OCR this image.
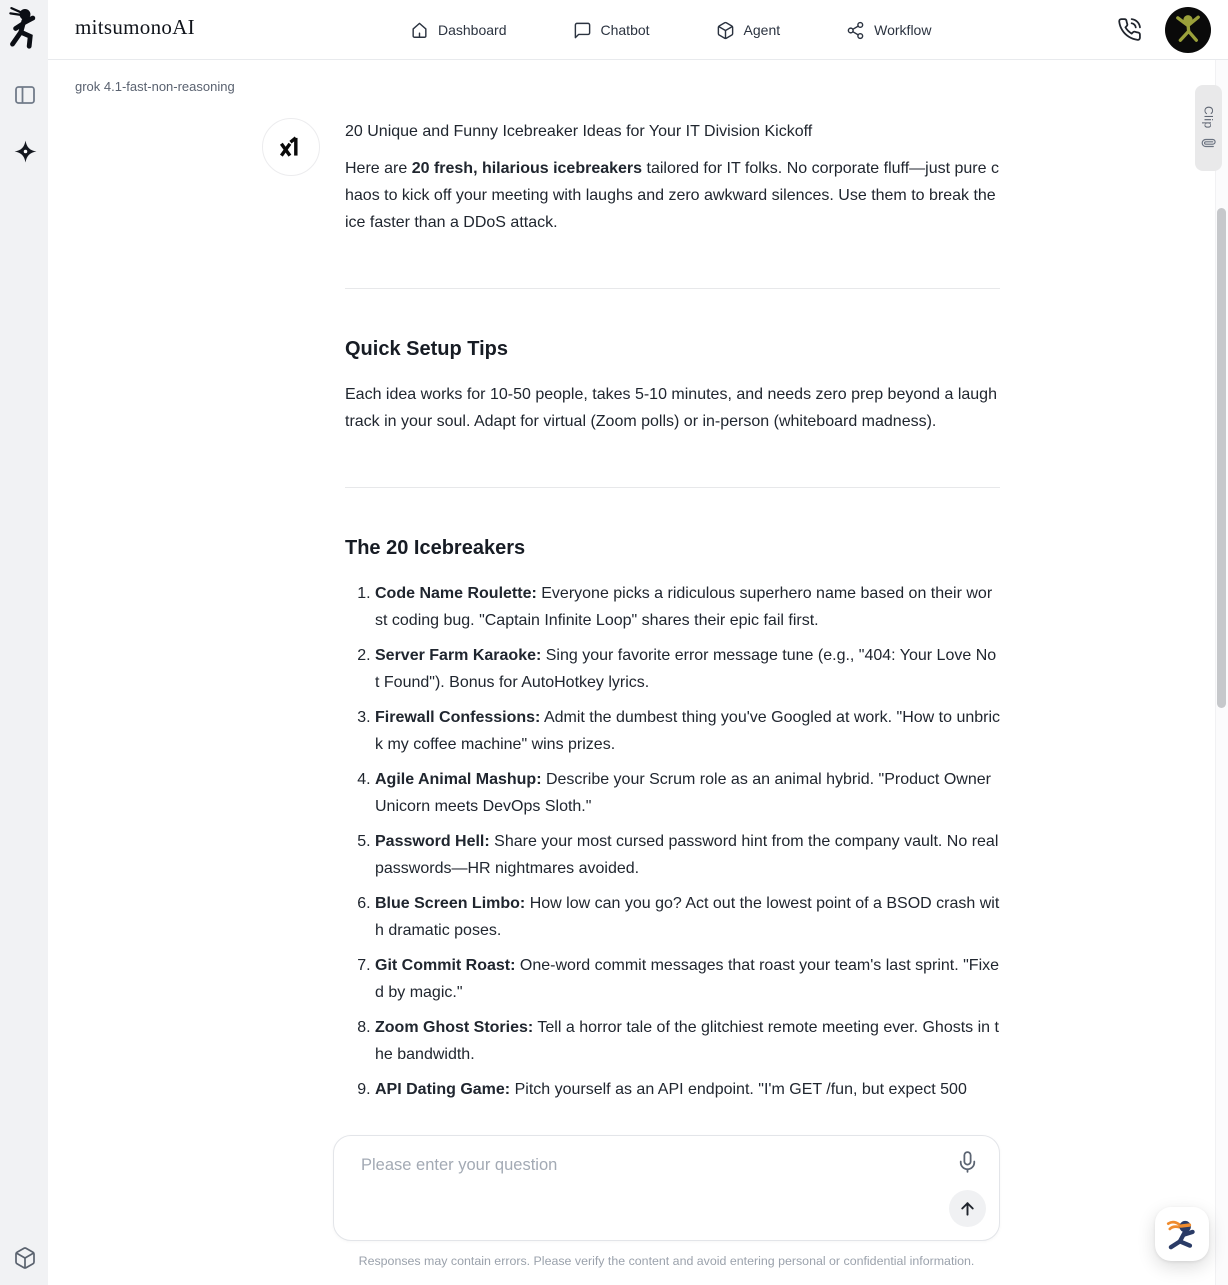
mitsumonoAI	Dashboard	Chatbot	Agent	Workflow
grok 4.1-fast-non-reasoning

20 Unique and Funny Icebreaker Ideas for Your IT Division Kickoff

Here are 20 fresh, hilarious icebreakers tailored for IT folks. No corporate fluff—just pure chaos to kick off your meeting with laughs and zero awkward silences. Use them to break the ice faster than a DDoS attack.

Quick Setup Tips

Each idea works for 10-50 people, takes 5-10 minutes, and needs zero prep beyond a laugh track in your soul. Adapt for virtual (Zoom polls) or in-person (whiteboard madness).

The 20 Icebreakers
1. Code Name Roulette: Everyone picks a ridiculous superhero name based on their worst coding bug. "Captain Infinite Loop" shares their epic fail first.
2. Server Farm Karaoke: Sing your favorite error message tune (e.g., "404: Your Love Not Found"). Bonus for AutoHotkey lyrics.
3. Firewall Confessions: Admit the dumbest thing you've Googled at work. "How to unbrick my coffee machine" wins prizes.
4. Agile Animal Mashup: Describe your Scrum role as an animal hybrid. "Product Owner Unicorn meets DevOps Sloth."
5. Password Hell: Share your most cursed password hint from the company vault. No real passwords—HR nightmares avoided.
6. Blue Screen Limbo: How low can you go? Act out the lowest point of a BSOD crash with dramatic poses.
7. Git Commit Roast: One-word commit messages that roast your team's last sprint. "Fixed by magic."
8. Zoom Ghost Stories: Tell a horror tale of the glitchiest remote meeting ever. Ghosts in the bandwidth.
9. API Dating Game: Pitch yourself as an API endpoint. "I'm GET /fun, but expect 500
Please enter your question
Responses may contain errors. Please verify the content and avoid entering personal or confidential information.
Clip
